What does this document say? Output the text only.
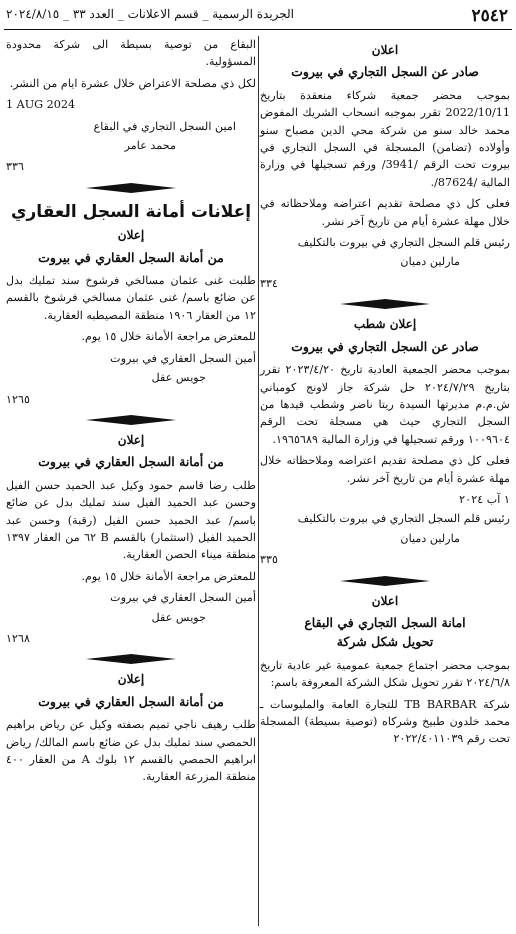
٢٥٤٢
الجريدة الرسمية _ قسم الاعلانات _ العدد ٣٣ _ ٢٠٢٤/٨/١٥
اعلان
صادر عن السجل التجاري في بيروت

بموجب محضر جمعية شركاء منعقدة بتاريخ 2022/10/11 تقرر بموجبه انسحاب الشريك المفوض محمد خالد سنو من شركة محي الدين مصباح سنو وأولاده (تضامن) المسجلة في السجل التجاري في بيروت تحت الرقم /3941/ ورقم تسجيلها في وزارة المالية /87624/.

فعلى كل ذي مصلحة تقديم اعتراضه وملاحظاته في خلال مهلة عشرة أيام من تاريخ آخر نشر.

رئيس قلم السجل التجاري في بيروت بالتكليف
مارلين دميان
٣٣٤
إعلان شطب
صادر عن السجل التجاري في بيروت

بموجب محضر الجمعية العادية تاريخ ٢٠٢٣/٤/٢٠ تقرر بتاريخ ٢٠٢٤/٧/٢٩ حل شركة جاز لاونج كومباني ش.م.م مديرتها السيدة ريتا ناضر وشطب قيدها من السجل التجاري حيث هي مسجلة تحت الرقم ١٠٠٩٦٠٤ ورقم تسجيلها في وزارة المالية ١٩٦٥٦٨٩.

فعلى كل ذي مصلحة تقديم اعتراضه وملاحظاته خلال مهلة عشرة أيام من تاريخ آخر نشر.

١ آب ٢٠٢٤
رئيس قلم السجل التجاري في بيروت بالتكليف
مارلين دميان
٣٣٥
اعلان
امانة السجل التجاري في البقاع
تحويل شكل شركة

بموجب محضر اجتماع جمعية عمومية غير عادية تاريخ ٢٠٢٤/٦/٨ تقرر تحويل شكل الشركة المعروفة باسم:

شركة TB BARBAR للتجارة العامة والمليوسات ـ محمد خلدون طبيخ وشركاه (توصية بسيطة) المسجلة تحت رقم ٢٠٢٢/٤٠١١٠٣٩

البقاع من توصية بسيطة الى شركة محدودة المسؤولية.

لكل ذي مصلحة الاعتراض خلال عشرة ايام من النشر.

1 AUG 2024
امين السجل التجاري في البقاع
محمد عامر
٣٣٦
إعلانات أمانة السجل العقاري
إعلان
من أمانة السجل العقاري في بيروت

طلبت غنى عثمان مسالخي فرشوخ سند تمليك بدل عن ضائع باسم/ غنى عثمان مسالخي فرشوخ بالقسم ١٢ من العقار ١٩٠٦ منطقة المصيطبه العقارية.

للمعترض مراجعة الأمانة خلال ١٥ يوم.

أمين السجل العقاري في بيروت
جويس عقل
١٢٦٥
إعلان
من أمانة السجل العقاري في بيروت

طلب رضا قاسم حمود وكيل عبد الحميد حسن الفيل وحسن عبد الحميد الفيل سند تمليك بدل عن ضائع باسم/ عبد الحميد حسن الفيل (رقبة) وحسن عبد الحميد الفيل (استثمار) بالقسم B ٦٢ من العقار ١٣٩٧ منطقة ميناء الحصن العقارية.

للمعترض مراجعة الأمانة خلال ١٥ يوم.

أمين السجل العقاري في بيروت
جويس عقل
١٢٦٨
إعلان
من أمانة السجل العقاري في بيروت

طلب رهيف ناجي تميم بصفته وكيل عن رياض براهيم الحمصي سند تمليك بدل عن ضائع باسم المالك/ رياض ابراهيم الحمصي بالقسم ١٢ بلوك A من العقار ٤٠٠ منطقة المزرعة العقارية.
